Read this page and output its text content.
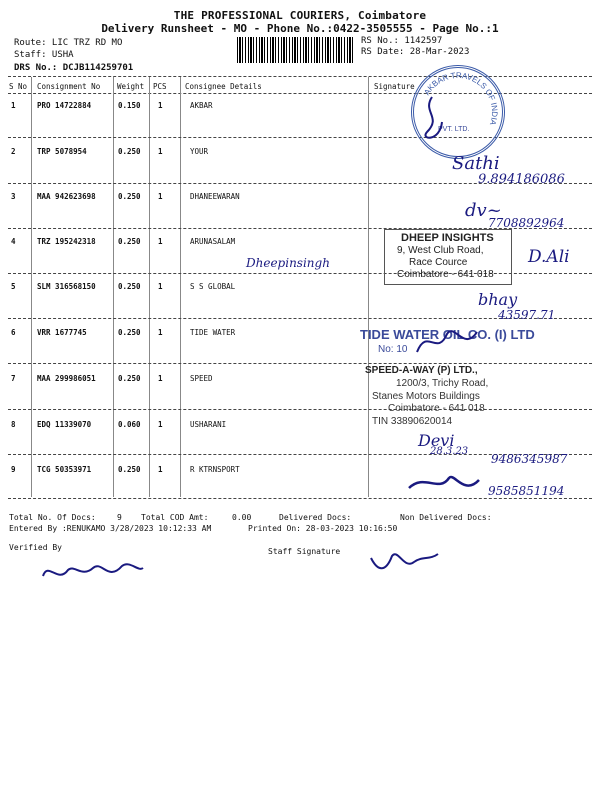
THE PROFESSIONAL COURIERS, Coimbatore
Delivery Runsheet - MO - Phone No.:0422-3505555 - Page No.:1
Route: LIC TRZ RD MO
Staff: USHA
DRS No.: DCJB114259701
RS No.: 1142597
RS Date: 28-Mar-2023
S No Consignment No Weight PCS Consignee Details	Signature
1	PRO 14722884	0.150 1	AKBAR
2	TRP 5078954	0.250 1	YOUR
3	MAA 942623698	0.250 1	DHANEEWARAN
4	TRZ 195242318	0.250 1	ARUNASALAM
5	SLM 316568150	0.250 1	S S GLOBAL
6	VRR 1677745	0.250 1	TIDE WATER
7	MAA 299986051	0.250 1	SPEED
8	EDQ 11339070	0.060 1	USHARANI
9	TCG 50353971	0.250 1	R KTRNSPORT
AKBAR TRAVELS OF INDIA
PVT. LTD.
Sathi
9.894186086
dv~
7708892964
Dheepinsingh	D.Ali
bhay
43597.71
Devi
28.3.23
9486345987
9585851194
DHEEP INSIGHTS
9, West Club Road,
Race Cource
Coimbatore - 641 018
TIDE WATER OIL CO. (I) LTD
No: 10
SPEED-A-WAY (P) LTD.,
1200/3, Trichy Road,
Stanes Motors Buildings
Coimbatore - 641 018
TIN 33890620014
Total No. Of Docs:	9 Total COD Amt:	0.00	Delivered Docs:	Non Delivered Docs:
Entered By :RENUKAMO 3/28/2023 10:12:33 AM	Printed On: 28-03-2023 10:16:50
Verified By	Staff Signature
